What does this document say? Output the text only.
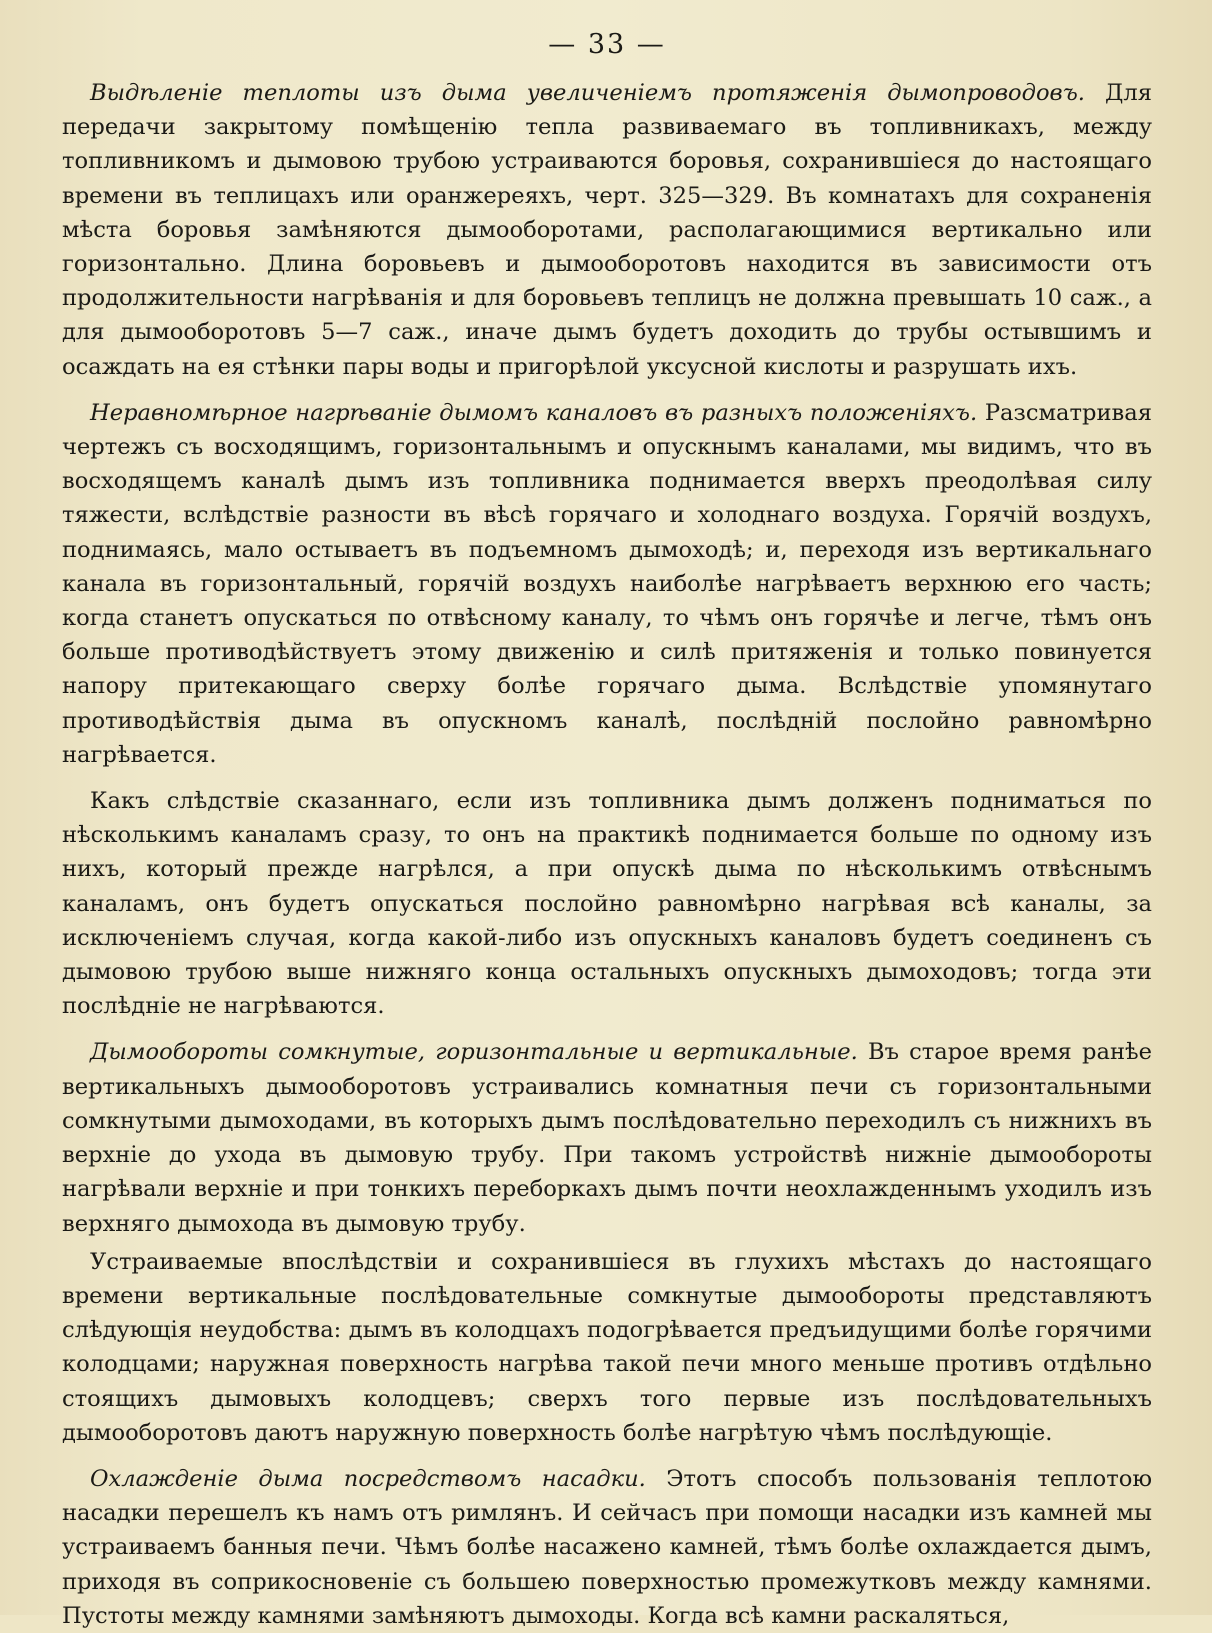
— 33 —

Выдѣленіе теплоты изъ дыма увеличеніемъ протяженія дымопроводовъ. Для передачи закрытому помѣщенію тепла развиваемаго въ топливникахъ, между топливникомъ и дымовою трубою устраиваются боровья, сохранившіеся до настоящаго времени въ теплицахъ или оранжереяхъ, черт. 325—329. Въ комнатахъ для сохраненія мѣста боровья замѣняются дымооборотами, располагающимися вертикально или горизонтально. Длина боровьевъ и дымооборотовъ находится въ зависимости отъ продолжительности нагрѣванія и для боровьевъ теплицъ не должна превышать 10 саж., а для дымооборотовъ 5—7 саж., иначе дымъ будетъ доходить до трубы остывшимъ и осаждать на ея стѣнки пары воды и пригорѣлой уксусной кислоты и разрушать ихъ.

Неравномѣрное нагрѣваніе дымомъ каналовъ въ разныхъ положеніяхъ. Разсматривая чертежъ съ восходящимъ, горизонтальнымъ и опускнымъ каналами, мы видимъ, что въ восходящемъ каналѣ дымъ изъ топливника поднимается вверхъ преодолѣвая силу тяжести, вслѣдствіе разности въ вѣсѣ горячаго и холоднаго воздуха. Горячій воздухъ, поднимаясь, мало остываетъ въ подъемномъ дымоходѣ; и, переходя изъ вертикальнаго канала въ горизонтальный, горячій воздухъ наиболѣе нагрѣваетъ верхнюю его часть; когда станетъ опускаться по отвѣсному каналу, то чѣмъ онъ горячѣе и легче, тѣмъ онъ больше противодѣйствуетъ этому движенію и силѣ притяженія и только повинуется напору притекающаго сверху болѣе горячаго дыма. Вслѣдствіе упомянутаго противодѣйствія дыма въ опускномъ каналѣ, послѣдній послойно равномѣрно нагрѣвается.

Какъ слѣдствіе сказаннаго, если изъ топливника дымъ долженъ подниматься по нѣсколькимъ каналамъ сразу, то онъ на практикѣ поднимается больше по одному изъ нихъ, который прежде нагрѣлся, а при опускѣ дыма по нѣсколькимъ отвѣснымъ каналамъ, онъ будетъ опускаться послойно равномѣрно нагрѣвая всѣ каналы, за исключеніемъ случая, когда какой-либо изъ опускныхъ каналовъ будетъ соединенъ съ дымовою трубою выше нижняго конца остальныхъ опускныхъ дымоходовъ; тогда эти послѣдніе не нагрѣваются.

Дымообороты сомкнутые, горизонтальные и вертикальные. Въ старое время ранѣе вертикальныхъ дымооборотовъ устраивались комнатныя печи съ горизонтальными сомкнутыми дымоходами, въ которыхъ дымъ послѣдовательно переходилъ съ нижнихъ въ верхніе до ухода въ дымовую трубу. При такомъ устройствѣ нижніе дымообороты нагрѣвали верхніе и при тонкихъ переборкахъ дымъ почти неохлажденнымъ уходилъ изъ верхняго дымохода въ дымовую трубу.

Устраиваемые впослѣдствіи и сохранившіеся въ глухихъ мѣстахъ до настоящаго времени вертикальные послѣдовательные сомкнутые дымообороты представляютъ слѣдующія неудобства: дымъ въ колодцахъ подогрѣвается предъидущими болѣе горячими колодцами; наружная поверхность нагрѣва такой печи много меньше противъ отдѣльно стоящихъ дымовыхъ колодцевъ; сверхъ того первые изъ послѣдовательныхъ дымооборотовъ даютъ наружную поверхность болѣе нагрѣтую чѣмъ послѣдующіе.

Охлажденіе дыма посредствомъ насадки. Этотъ способъ пользованія теплотою насадки перешелъ къ намъ отъ римлянъ. И сейчасъ при помощи насадки изъ камней мы устраиваемъ банныя печи. Чѣмъ болѣе насажено камней, тѣмъ болѣе охлаждается дымъ, приходя въ соприкосновеніе съ большею поверхностью промежутковъ между камнями. Пустоты между камнями замѣняютъ дымоходы. Когда всѣ камни раскаляться,
